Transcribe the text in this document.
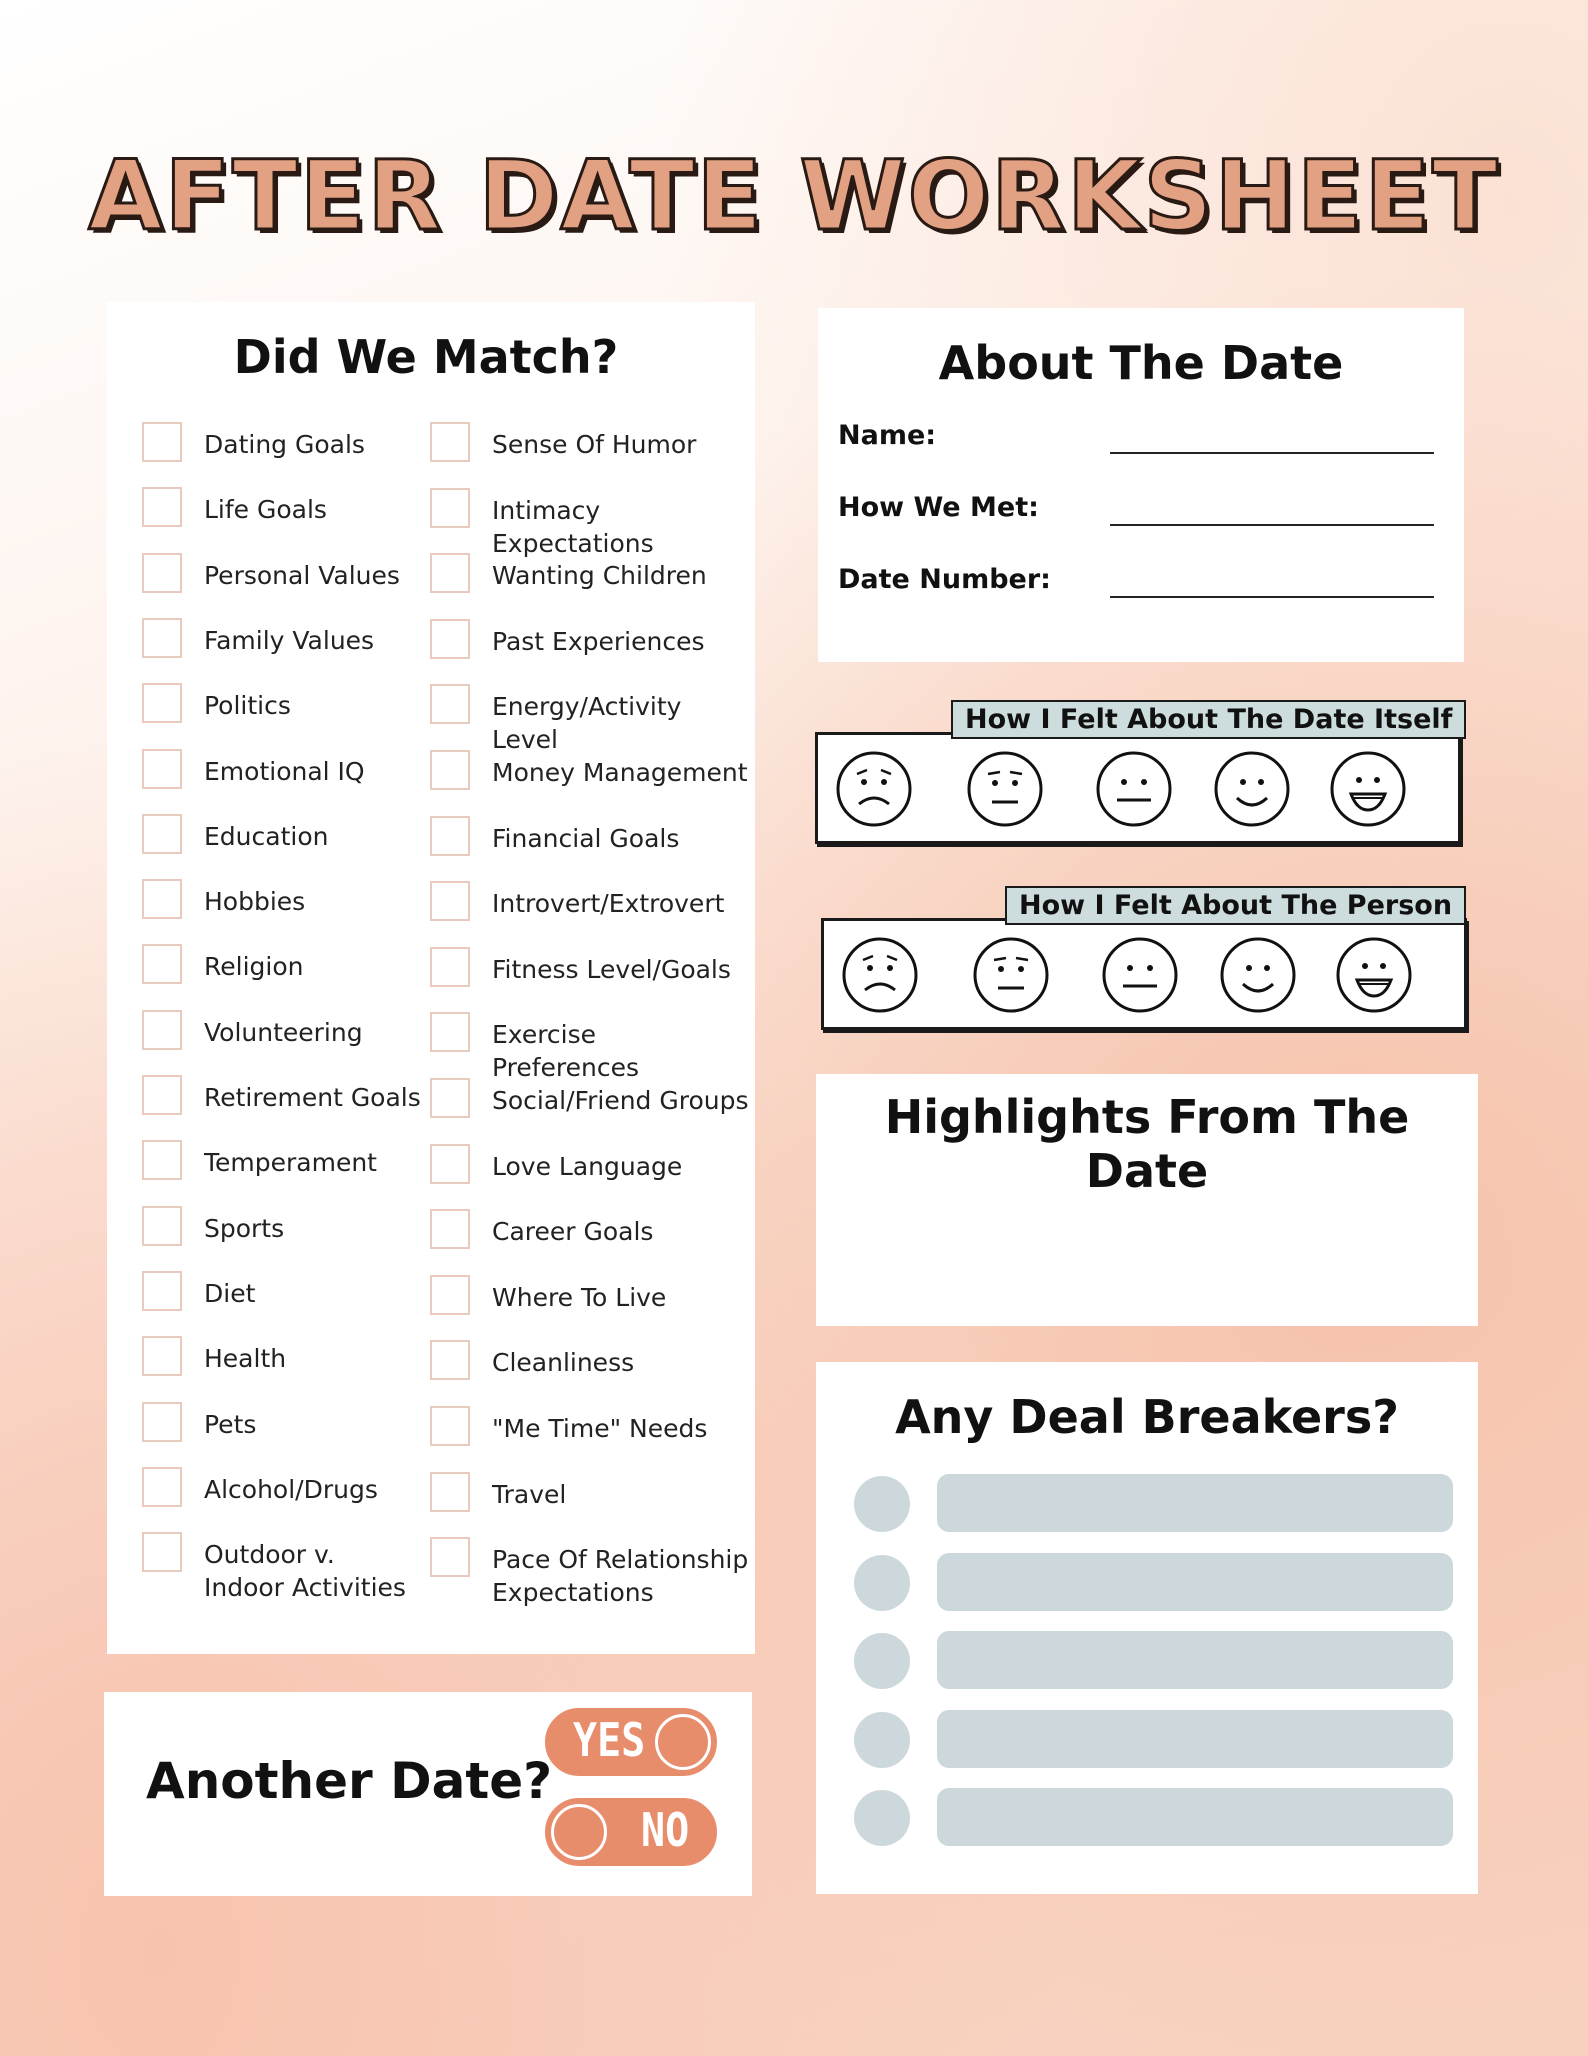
AFTER DATE WORKSHEET
Did We Match?
Dating Goals
Life Goals
Personal Values
Family Values
Politics
Emotional IQ
Education
Hobbies
Religion
Volunteering
Retirement Goals
Temperament
Sports
Diet
Health
Pets
Alcohol/Drugs
Outdoor v. Indoor Activities
Sense Of Humor
Intimacy Expectations
Wanting Children
Past Experiences
Energy/Activity Level
Money Management
Financial Goals
Introvert/Extrovert
Fitness Level/Goals
Exercise Preferences
Social/Friend Groups
Love Language
Career Goals
Where To Live
Cleanliness
"Me Time" Needs
Travel
Pace Of Relationship Expectations
About The Date
Name:
How We Met:
Date Number:
How I Felt About The Date Itself
How I Felt About The Person
Highlights From The Date
Any Deal Breakers?
Another Date?
YES
NO
